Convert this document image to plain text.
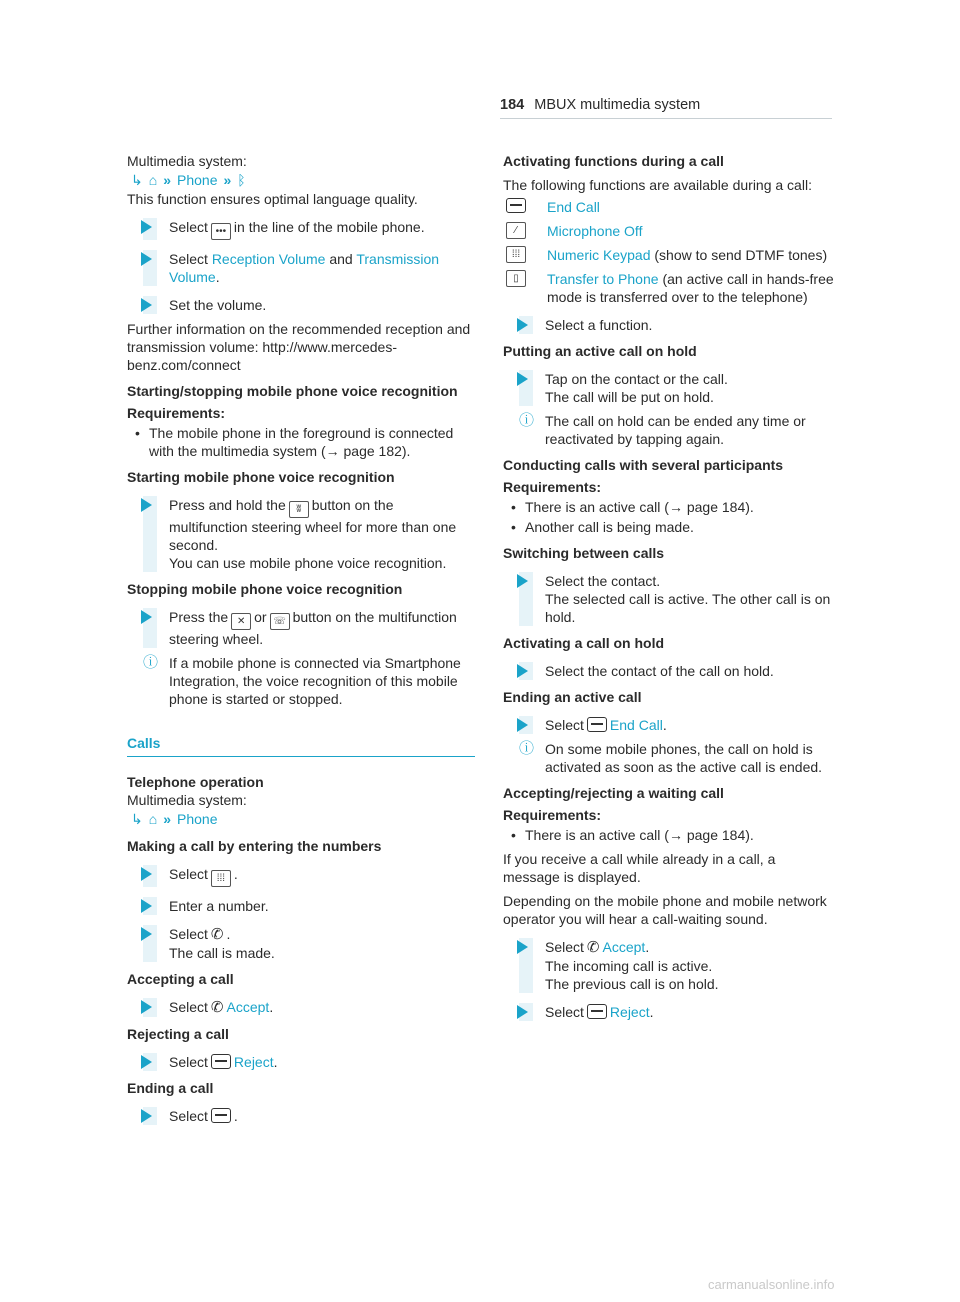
184 MBUX multimedia system
Multimedia system:
↳ ⌂ » Phone » ᛒ
This function ensures optimal language quality.
Select ••• in the line of the mobile phone.
Select Reception Volume and Transmission Volume.
Set the volume.
Further information on the recommended reception and transmission volume: http://www.mercedes-benz.com/connect
Starting/stopping mobile phone voice recognition
Requirements:
• The mobile phone in the foreground is connected with the multimedia system (→ page 182).
Starting mobile phone voice recognition
Press and hold the ʬ button on the multifunction steering wheel for more than one second.
You can use mobile phone voice recognition.
Stopping mobile phone voice recognition
Press the ✕ or ☏ button on the multifunction steering wheel.
ⓘ If a mobile phone is connected via Smartphone Integration, the voice recognition of this mobile phone is started or stopped.
Calls
Telephone operation
Multimedia system:
↳ ⌂ » Phone
Making a call by entering the numbers
Select ⁞⁞⁞ .
Enter a number.
Select ✆ .
The call is made.
Accepting a call
Select ✆ Accept.
Rejecting a call
Select Reject.
Ending a call
Select .
Activating functions during a call
The following functions are available during a call:
End Call
⁄	Microphone Off
⁞⁞⁞	Numeric Keypad (show to send DTMF tones)
▯	Transfer to Phone (an active call in hands-free mode is transferred over to the telephone)
Select a function.
Putting an active call on hold
Tap on the contact or the call.
The call will be put on hold.
ⓘ The call on hold can be ended any time or reactivated by tapping again.
Conducting calls with several participants
Requirements:
• There is an active call (→ page 184).
• Another call is being made.
Switching between calls
Select the contact.
The selected call is active. The other call is on hold.
Activating a call on hold
Select the contact of the call on hold.
Ending an active call
Select End Call.
ⓘ On some mobile phones, the call on hold is activated as soon as the active call is ended.
Accepting/rejecting a waiting call
Requirements:
• There is an active call (→ page 184).
If you receive a call while already in a call, a message is displayed.
Depending on the mobile phone and mobile network operator you will hear a call-waiting sound.
Select ✆ Accept.
The incoming call is active.
The previous call is on hold.
Select Reject.
carmanualsonline.info
